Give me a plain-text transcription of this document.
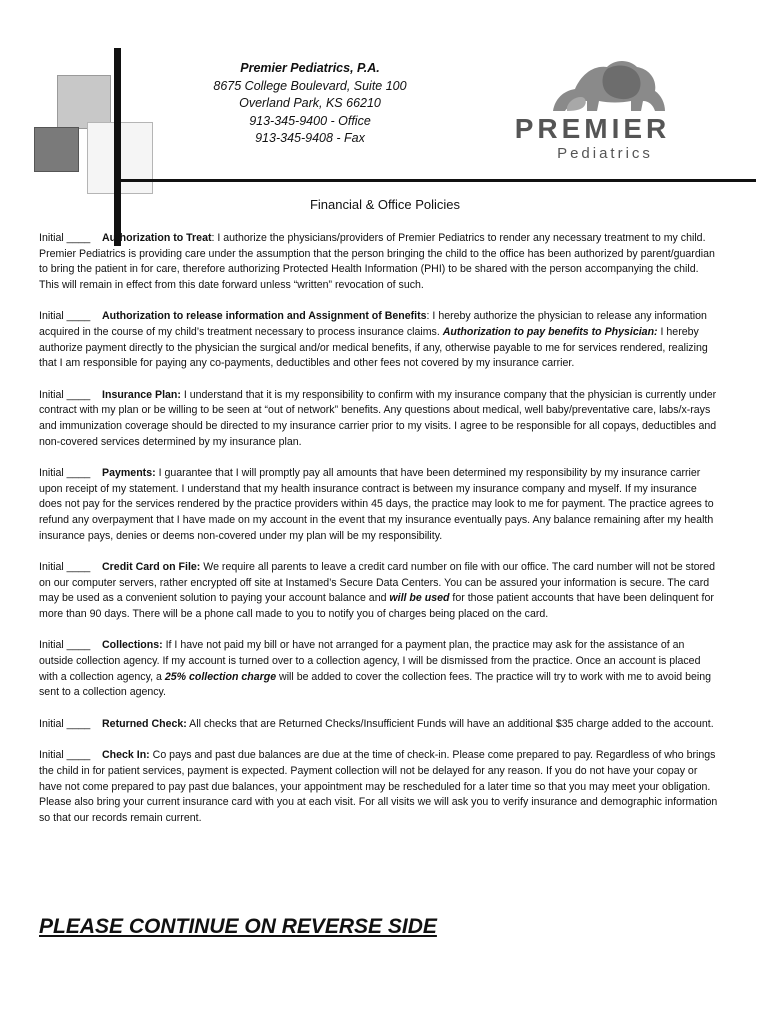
Premier Pediatrics, P.A.
8675 College Boulevard, Suite 100
Overland Park, KS 66210
913-345-9400 - Office
913-345-9408 - Fax	PREMIER
Pediatrics
Financial & Office Policies

Initial ____ Authorization to Treat: I authorize the physicians/providers of Premier Pediatrics to render any necessary treatment to my child. Premier Pediatrics is providing care under the assumption that the person bringing the child to the office has been authorized by parent/guardian to bring the patient in for care, therefore authorizing Protected Health Information (PHI) to be shared with the person accompanying the child. This will remain in effect from this date forward unless “written” revocation of such.

Initial ____ Authorization to release information and Assignment of Benefits: I hereby authorize the physician to release any information acquired in the course of my child’s treatment necessary to process insurance claims. Authorization to pay benefits to Physician: I hereby authorize payment directly to the physician the surgical and/or medical benefits, if any, otherwise payable to me for services rendered, realizing that I am responsible for paying any co-payments, deductibles and other fees not covered by my insurance carrier.

Initial ____ Insurance Plan: I understand that it is my responsibility to confirm with my insurance company that the physician is currently under contract with my plan or be willing to be seen at “out of network” benefits. Any questions about medical, well baby/preventative care, labs/x-rays and immunization coverage should be directed to my insurance carrier prior to my visits. I agree to be responsible for all copays, deductibles and non-covered services determined by my insurance plan.

Initial ____ Payments: I guarantee that I will promptly pay all amounts that have been determined my responsibility by my insurance carrier upon receipt of my statement. I understand that my health insurance contract is between my insurance company and myself. If my insurance does not pay for the services rendered by the practice providers within 45 days, the practice may look to me for payment. The practice agrees to refund any overpayment that I have made on my account in the event that my insurance eventually pays. Any balance remaining after my health insurance pays, denies or deems non-covered under my plan will be my responsibility.

Initial ____ Credit Card on File: We require all parents to leave a credit card number on file with our office. The card number will not be stored on our computer servers, rather encrypted off site at Instamed’s Secure Data Centers. You can be assured your information is secure. The card may be used as a convenient solution to paying your account balance and will be used for those patient accounts that have been delinquent for more than 90 days. There will be a phone call made to you to notify you of charges being placed on the card.

Initial ____ Collections: If I have not paid my bill or have not arranged for a payment plan, the practice may ask for the assistance of an outside collection agency. If my account is turned over to a collection agency, I will be dismissed from the practice. Once an account is placed with a collection agency, a 25% collection charge will be added to cover the collection fees. The practice will try to work with me to avoid being sent to a collection agency.

Initial ____ Returned Check: All checks that are Returned Checks/Insufficient Funds will have an additional $35 charge added to the account.

Initial ____ Check In: Co pays and past due balances are due at the time of check-in. Please come prepared to pay. Regardless of who brings the child in for patient services, payment is expected. Payment collection will not be delayed for any reason. If you do not have your copay or have not come prepared to pay past due balances, your appointment may be rescheduled for a later time so that you may meet your obligation. Please also bring your current insurance card with you at each visit. For all visits we will ask you to verify insurance and demographic information so that our records remain current.

PLEASE CONTINUE ON REVERSE SIDE
